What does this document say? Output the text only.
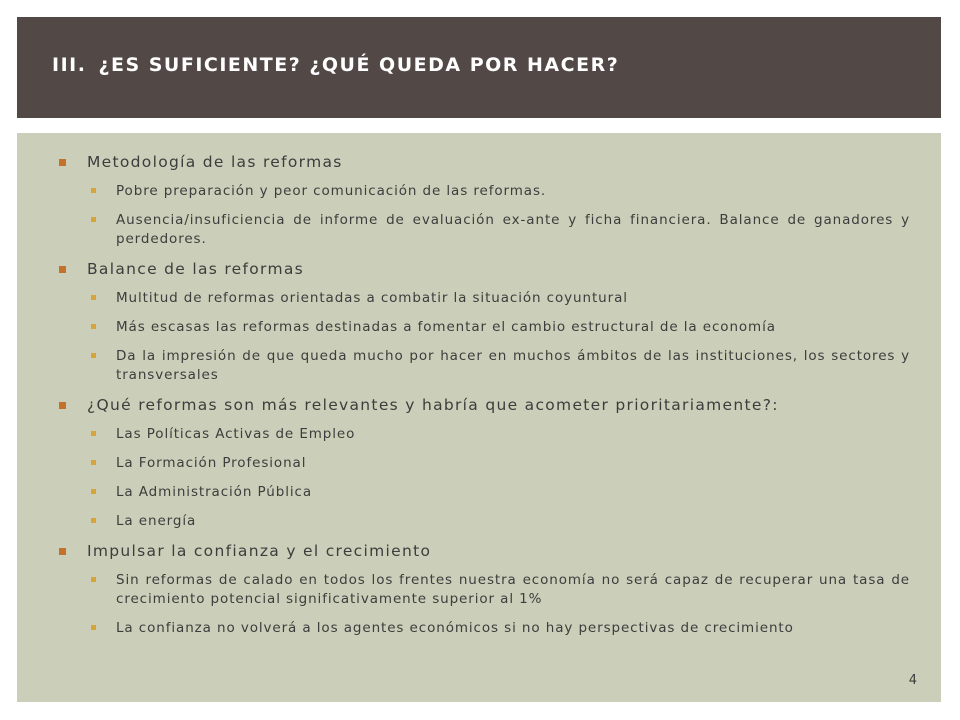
III. ¿ES SUFICIENTE? ¿QUÉ QUEDA POR HACER?
Metodología de las reformas
Pobre preparación y peor comunicación de las reformas.
Ausencia/insuficiencia de informe de evaluación ex-ante y ficha financiera. Balance de ganadores y perdedores.
Balance de las reformas
Multitud de reformas orientadas a combatir la situación coyuntural
Más escasas las reformas destinadas a fomentar el cambio estructural de la economía
Da la impresión de que queda mucho por hacer en muchos ámbitos de las instituciones, los sectores y transversales
¿Qué reformas son más relevantes y habría que acometer prioritariamente?:
Las Políticas Activas de Empleo
La Formación Profesional
La Administración Pública
La energía
Impulsar la confianza y el crecimiento
Sin reformas de calado en todos los frentes nuestra economía no será capaz de recuperar una tasa de crecimiento potencial significativamente superior al 1%
La confianza no volverá a los agentes económicos si no hay perspectivas de crecimiento
4
